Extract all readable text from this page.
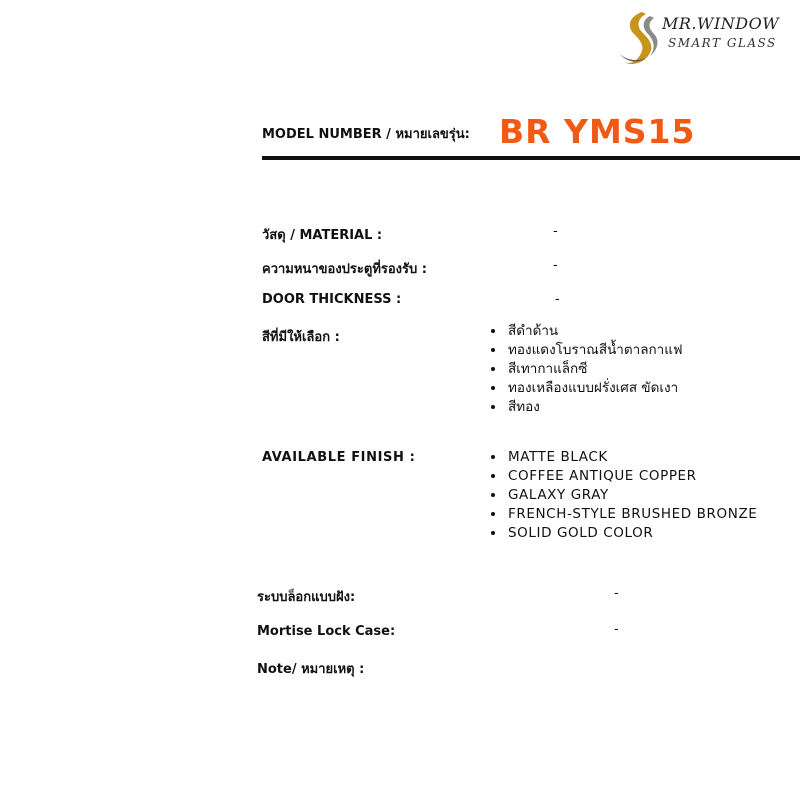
MR.WINDOW
SMART GLASS
MODEL NUMBER / หมายเลขรุ่น: BR YMS15
วัสดุ / MATERIAL :	-
ความหนาของประตูที่รองรับ :	-
DOOR THICKNESS :	-
สีที่มีให้เลือก :	• สีดำด้าน
• ทองแดงโบราณสีน้ำตาลกาแฟ
• สีเทากาแล็กซี
• ทองเหลืองแบบฝรั่งเศส ขัดเงา
• สีทอง
AVAILABLE FINISH :	• MATTE BLACK
• COFFEE ANTIQUE COPPER
• GALAXY GRAY
• FRENCH-STYLE BRUSHED BRONZE
• SOLID GOLD COLOR
ระบบล็อกแบบฝัง:	-
Mortise Lock Case:	-
Note/ หมายเหตุ :
